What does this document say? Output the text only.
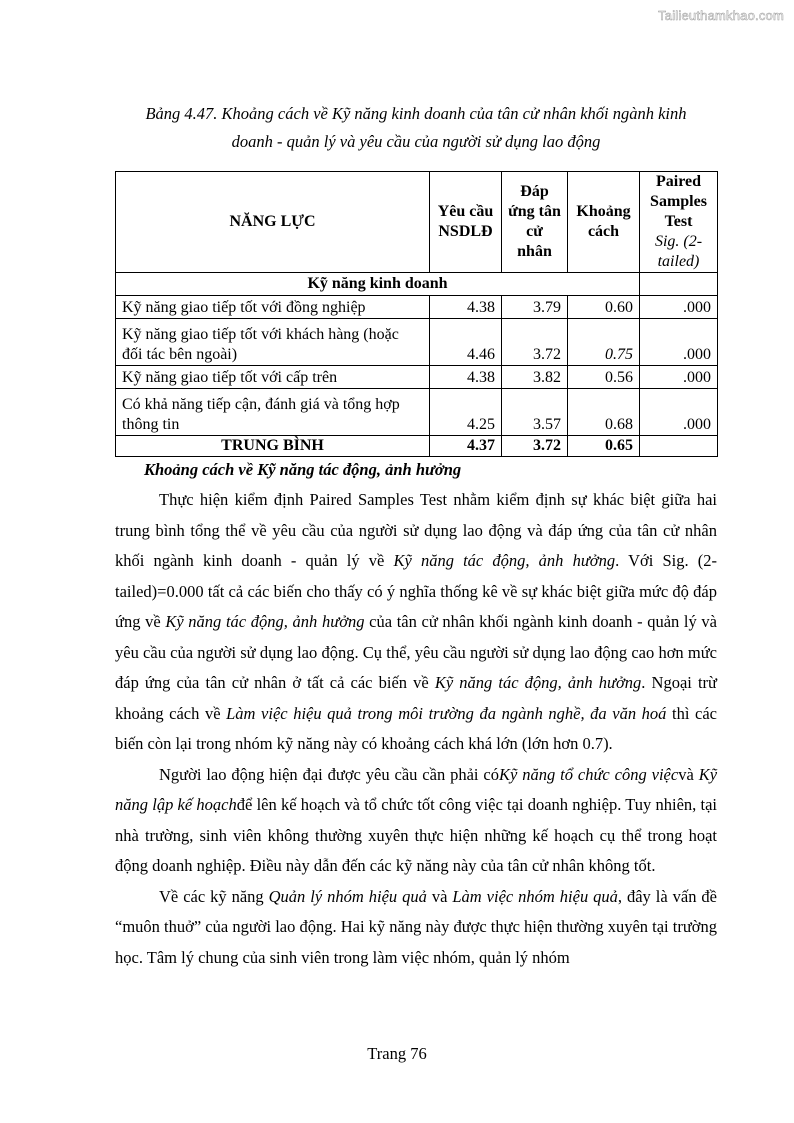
Tailieuthamkhao.com
Bảng 4.47. Khoảng cách về Kỹ năng kinh doanh của tân cử nhân khối ngành kinh
doanh - quản lý và yêu cầu của người sử dụng lao động
NĂNG LỰC	Yêu cầu NSDLĐ	Đáp ứng tân cử nhân	Khoảng cách	Paired Samples Test
Sig. (2-tailed)
Kỹ năng kinh doanh				
Kỹ năng giao tiếp tốt với đồng nghiệp	4.38	3.79	0.60	.000
Kỹ năng giao tiếp tốt với khách hàng (hoặc đối tác bên ngoài)	4.46	3.72	0.75	.000
Kỹ năng giao tiếp tốt với cấp trên	4.38	3.82	0.56	.000
Có khả năng tiếp cận, đánh giá và tổng hợp thông tin	4.25	3.57	0.68	.000
TRUNG BÌNH	4.37	3.72	0.65	
Khoảng cách về Kỹ năng tác động, ảnh hưởng

Thực hiện kiểm định Paired Samples Test nhằm kiểm định sự khác biệt giữa hai trung bình tổng thể về yêu cầu của người sử dụng lao động và đáp ứng của tân cử nhân khối ngành kinh doanh - quản lý về Kỹ năng tác động, ảnh hưởng. Với Sig. (2-tailed)=0.000 tất cả các biến cho thấy có ý nghĩa thống kê về sự khác biệt giữa mức độ đáp ứng về Kỹ năng tác động, ảnh hưởng của tân cử nhân khối ngành kinh doanh - quản lý và yêu cầu của người sử dụng lao động. Cụ thể, yêu cầu người sử dụng lao động cao hơn mức đáp ứng của tân cử nhân ở tất cả các biến về Kỹ năng tác động, ảnh hưởng. Ngoại trừ khoảng cách về Làm việc hiệu quả trong môi trường đa ngành nghề, đa văn hoá thì các biến còn lại trong nhóm kỹ năng này có khoảng cách khá lớn (lớn hơn 0.7).

Người lao động hiện đại được yêu cầu cần phải cóKỹ năng tổ chức công việcvà Kỹ năng lập kế hoạchđể lên kế hoạch và tổ chức tốt công việc tại doanh nghiệp. Tuy nhiên, tại nhà trường, sinh viên không thường xuyên thực hiện những kế hoạch cụ thể trong hoạt động doanh nghiệp. Điều này dẫn đến các kỹ năng này của tân cử nhân không tốt.

Về các kỹ năng Quản lý nhóm hiệu quả và Làm việc nhóm hiệu quả, đây là vấn đề “muôn thuở” của người lao động. Hai kỹ năng này được thực hiện thường xuyên tại trường học. Tâm lý chung của sinh viên trong làm việc nhóm, quản lý nhóm

Trang 76
